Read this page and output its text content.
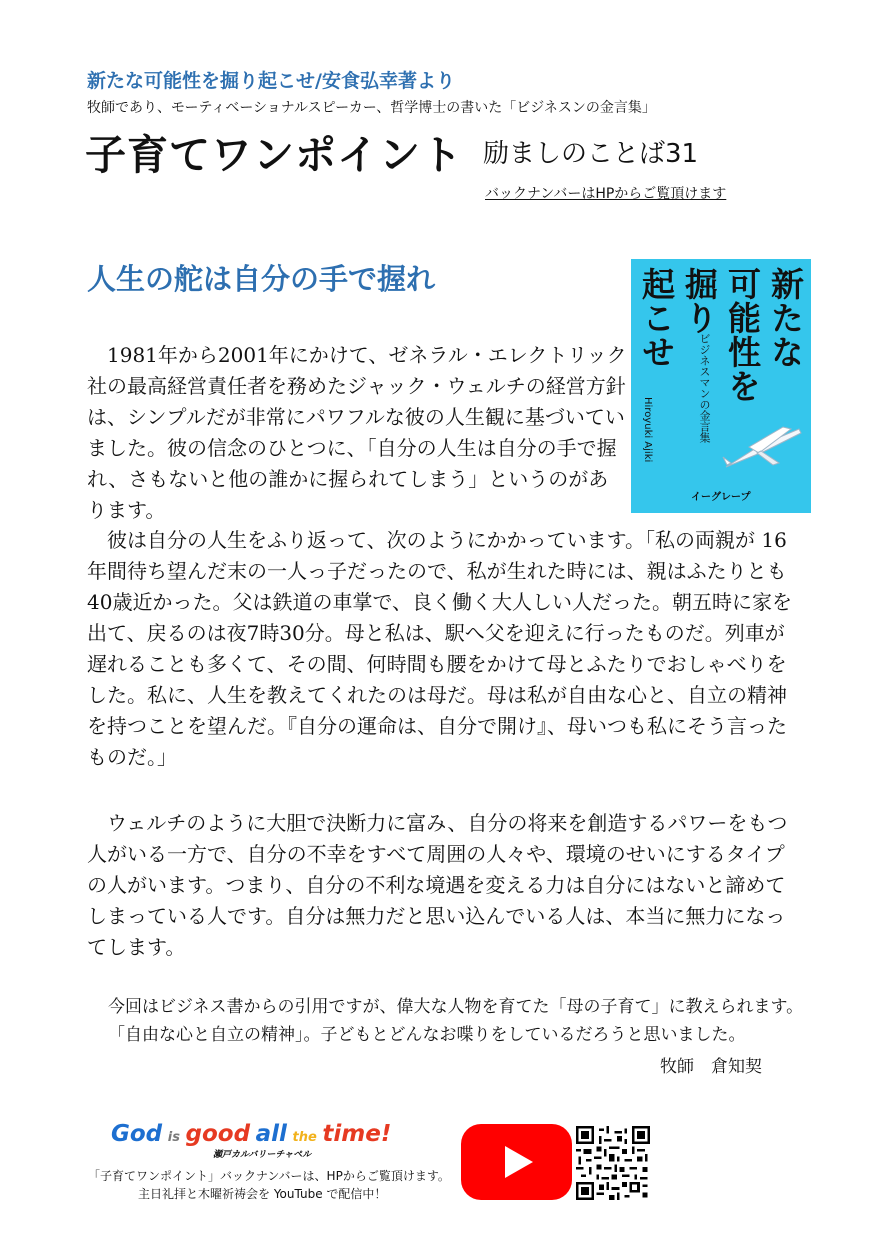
新たな可能性を掘り起こせ/安食弘幸著より
牧師であり、モーティベーショナルスピーカー、哲学博士の書いた「ビジネスンの金言集」
子育てワンポイント 励ましのことば31
バックナンバーはHPからご覧頂けます
人生の舵は自分の手で握れ	新たな
可能性を
掘り
起こせ
ビジネスマンの金言集
Hiroyuki Ajiki
イーグレープ

　1981年から2001年にかけて、ゼネラル・エレクトリック社の最高経営責任者を務めたジャック・ウェルチの経営方針は、シンプルだが非常にパワフルな彼の人生観に基づいていました。彼の信念のひとつに、「自分の人生は自分の手で握れ、さもないと他の誰かに握られてしまう」というのがあります。

　彼は自分の人生をふり返って、次のようにかかっています。「私の両親が 16年間待ち望んだ末の一人っ子だったので、私が生れた時には、親はふたりとも40歳近かった。父は鉄道の車掌で、良く働く大人しい人だった。朝五時に家を出て、戻るのは夜7時30分。母と私は、駅へ父を迎えに行ったものだ。列車が遅れることも多くて、その間、何時間も腰をかけて母とふたりでおしゃべりをした。私に、人生を教えてくれたのは母だ。母は私が自由な心と、自立の精神を持つことを望んだ。『自分の運命は、自分で開け』、母いつも私にそう言ったものだ。」

　ウェルチのように大胆で決断力に富み、自分の将来を創造するパワーをもつ人がいる一方で、自分の不幸をすべて周囲の人々や、環境のせいにするタイプの人がいます。つまり、自分の不利な境遇を変える力は自分にはないと諦めてしまっている人です。自分は無力だと思い込んでいる人は、本当に無力になってします。

今回はビジネス書からの引用ですが、偉大な人物を育てた「母の子育て」に教えられます。

「自由な心と自立の精神」。子どもとどんなお喋りをしているだろうと思いました。

牧師　倉知契
God is good all the time!
瀬戸カルバリーチャペル
「子育てワンポイント」バックナンバーは、HPからご覧頂けます。
主日礼拝と木曜祈祷会を YouTube で配信中！
